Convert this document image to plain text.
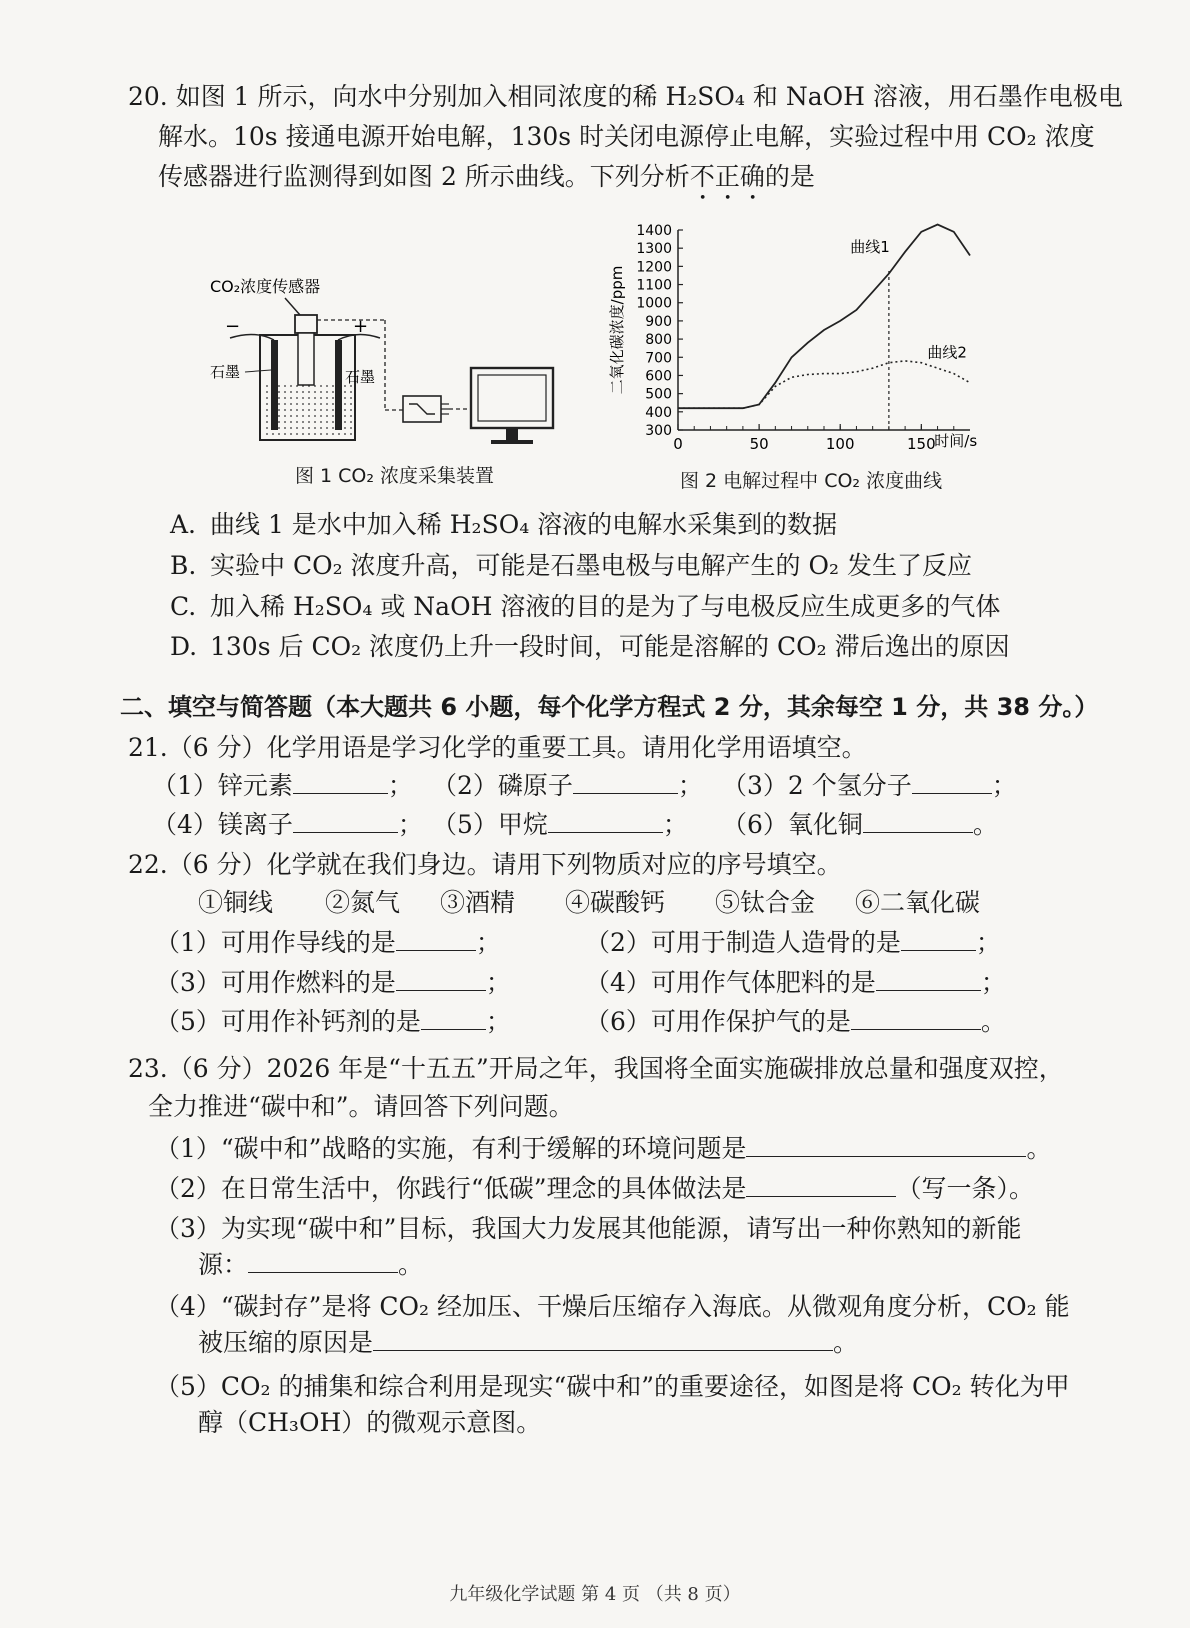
20. 如图 1 所示，向水中分别加入相同浓度的稀 H₂SO₄ 和 NaOH 溶液，用石墨作电极电
解水。10s 接通电源开始电解，130s 时关闭电源停止电解，实验过程中用 CO₂ 浓度
传感器进行监测得到如图 2 所示曲线。下列分析不正确的是
CO₂浓度传感器
−	+
石墨	石墨
图 1 CO₂ 浓度采集装置
300
400
500
600
700
800
900
1000
1100
1200
1300
1400
0	50	100	150
时间/s
二氧化碳浓度/ppm
曲线1
曲线2
图 2 电解过程中 CO₂ 浓度曲线
A. 曲线 1 是水中加入稀 H₂SO₄ 溶液的电解水采集到的数据
B. 实验中 CO₂ 浓度升高，可能是石墨电极与电解产生的 O₂ 发生了反应
C. 加入稀 H₂SO₄ 或 NaOH 溶液的目的是为了与电极反应生成更多的气体
D. 130s 后 CO₂ 浓度仍上升一段时间，可能是溶解的 CO₂ 滞后逸出的原因
二、填空与简答题（本大题共 6 小题，每个化学方程式 2 分，其余每空 1 分，共 38 分。）
21.（6 分）化学用语是学习化学的重要工具。请用化学用语填空。
（1）锌元素	； （2）磷原子	； （3）2 个氢分子	；
（4）镁离子	； （5）甲烷	； （6）氧化铜	。
22.（6 分）化学就在我们身边。请用下列物质对应的序号填空。
①铜线 ②氮气 ③酒精 ④碳酸钙 ⑤钛合金 ⑥二氧化碳
（1）可用作导线的是	；	（2）可用于制造人造骨的是	；
（3）可用作燃料的是	；	（4）可用作气体肥料的是	；
（5）可用作补钙剂的是	；	（6）可用作保护气的是	。
23.（6 分）2026 年是“十五五”开局之年，我国将全面实施碳排放总量和强度双控，
全力推进“碳中和”。请回答下列问题。
（1）“碳中和”战略的实施，有利于缓解的环境问题是	。
（2）在日常生活中，你践行“低碳”理念的具体做法是	（写一条）。
（3）为实现“碳中和”目标，我国大力发展其他能源，请写出一种你熟知的新能
源：	。
（4）“碳封存”是将 CO₂ 经加压、干燥后压缩存入海底。从微观角度分析，CO₂ 能
被压缩的原因是	。
（5）CO₂ 的捕集和综合利用是现实“碳中和”的重要途径，如图是将 CO₂ 转化为甲
醇（CH₃OH）的微观示意图。
九年级化学试题 第 4 页 （共 8 页）
